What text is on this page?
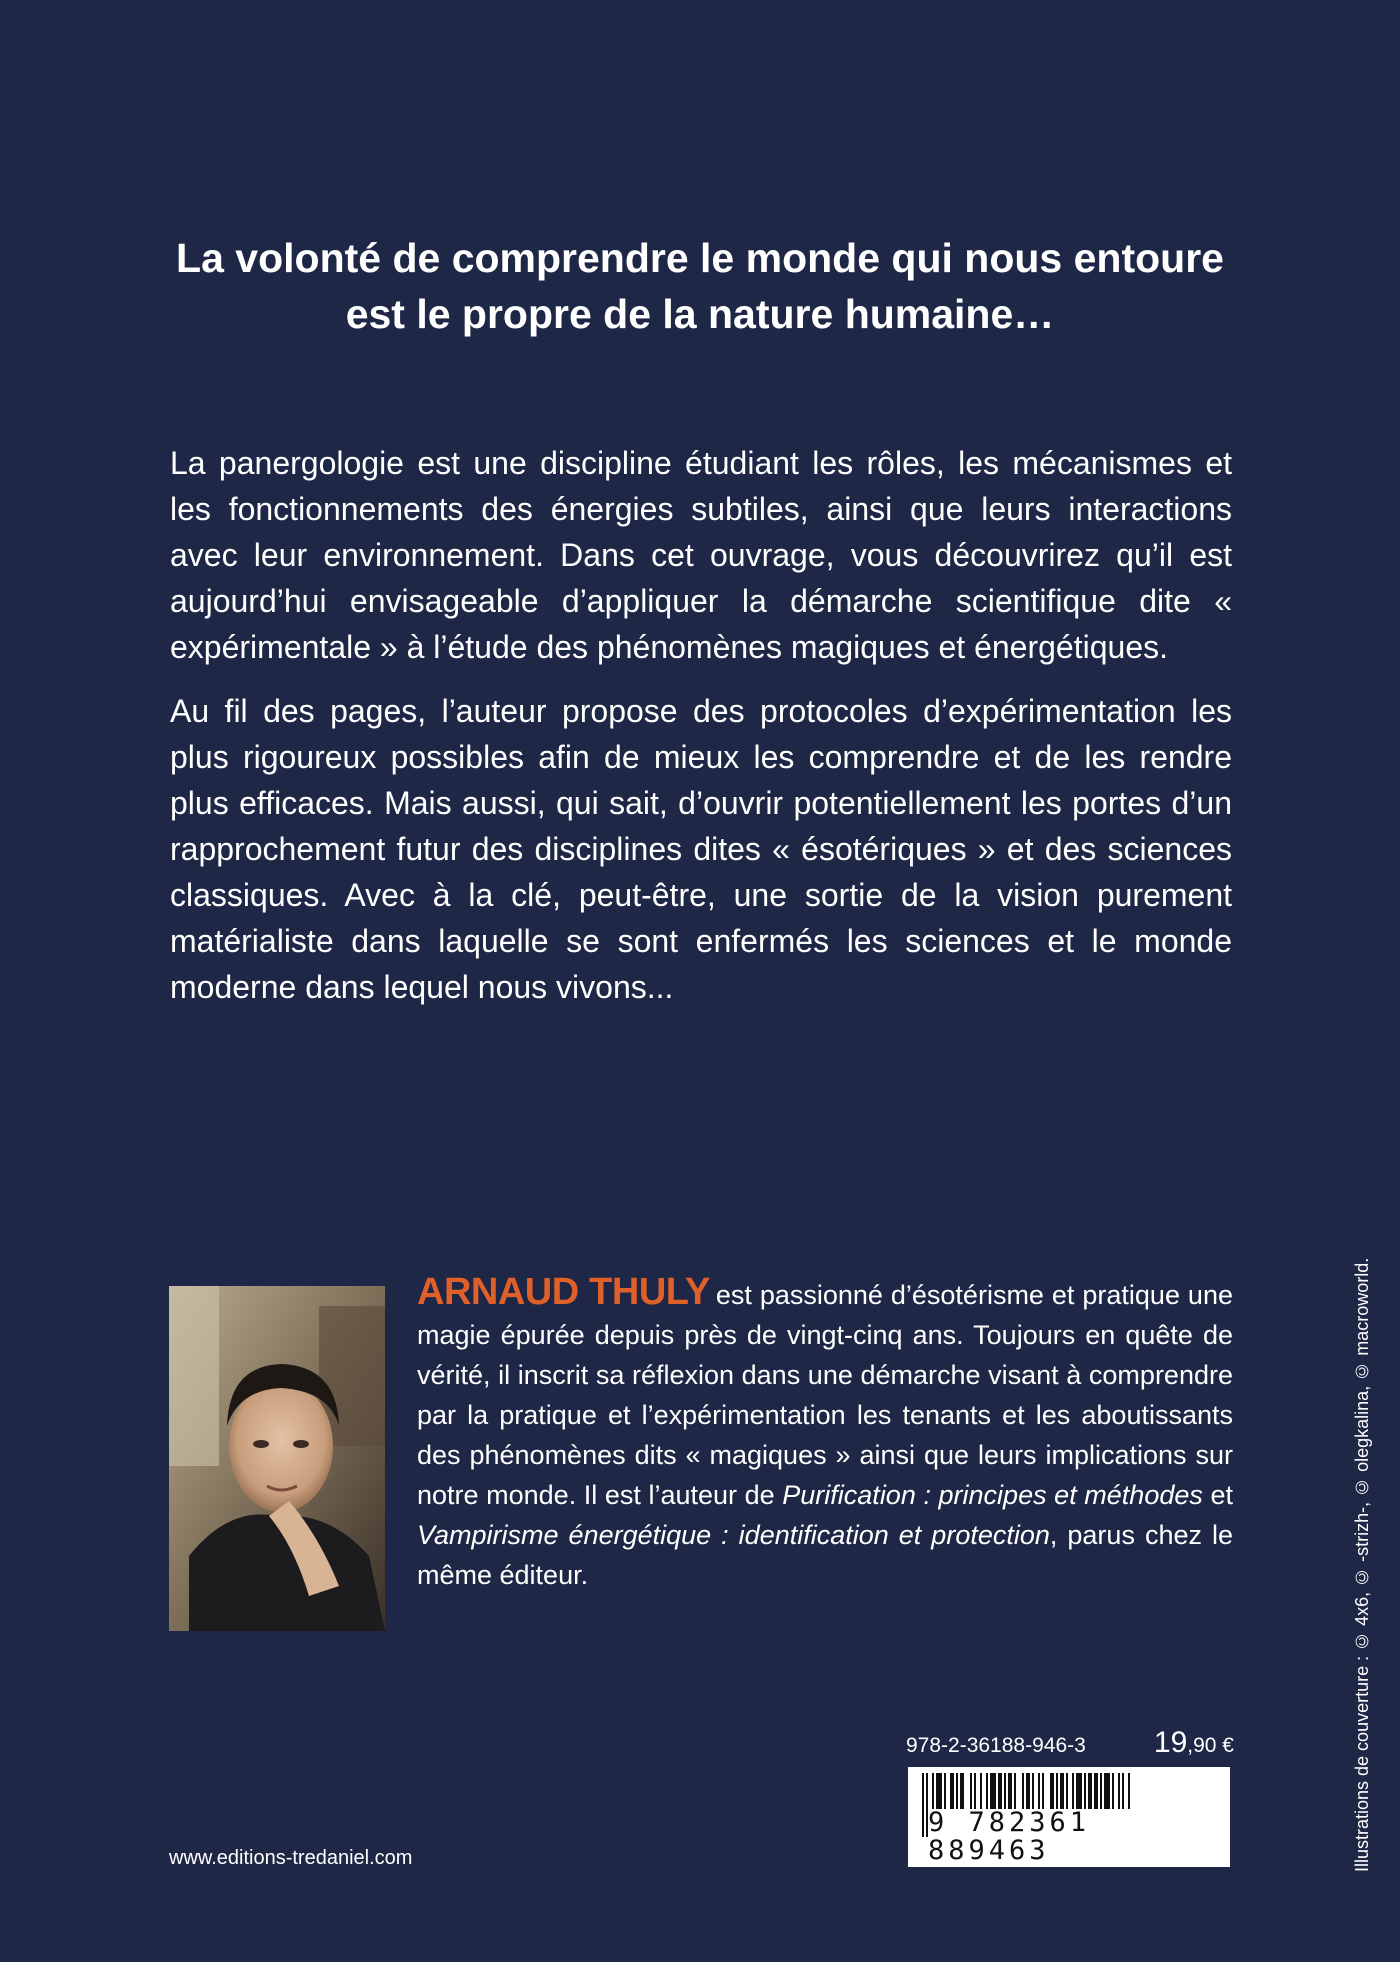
La volonté de comprendre le monde qui nous entoure
est le propre de la nature humaine…

La panergologie est une discipline étudiant les rôles, les mécanismes et les fonctionnements des énergies subtiles, ainsi que leurs interactions avec leur environnement. Dans cet ouvrage, vous découvrirez qu’il est aujourd’hui envisageable d’appliquer la démarche scientifique dite « expérimentale » à l’étude des phénomènes magiques et énergétiques.

Au fil des pages, l’auteur propose des protocoles d’expérimentation les plus rigoureux possibles afin de mieux les comprendre et de les rendre plus efficaces. Mais aussi, qui sait, d’ouvrir potentiellement les portes d’un rapprochement futur des disciplines dites « ésotériques » et des sciences classiques. Avec à la clé, peut-être, une sortie de la vision purement matérialiste dans laquelle se sont enfermés les sciences et le monde moderne dans lequel nous vivons...

ARNAUD THULY est passionné d’ésotérisme et pratique une magie épurée depuis près de vingt-cinq ans. Toujours en quête de vérité, il inscrit sa réflexion dans une démarche visant à comprendre par la pratique et l’expérimentation les tenants et les aboutissants des phénomènes dits « magiques » ainsi que leurs implications sur notre monde. Il est l’auteur de Purification : principes et méthodes et Vampirisme énergétique : identification et protection, parus chez le même éditeur.
978-2-36188-946-3 19,90 €
9 782361 889463
www.editions-tredaniel.com	Illustrations de couverture : © 4x6, © -strizh-, © olegkalina, © macroworld.
